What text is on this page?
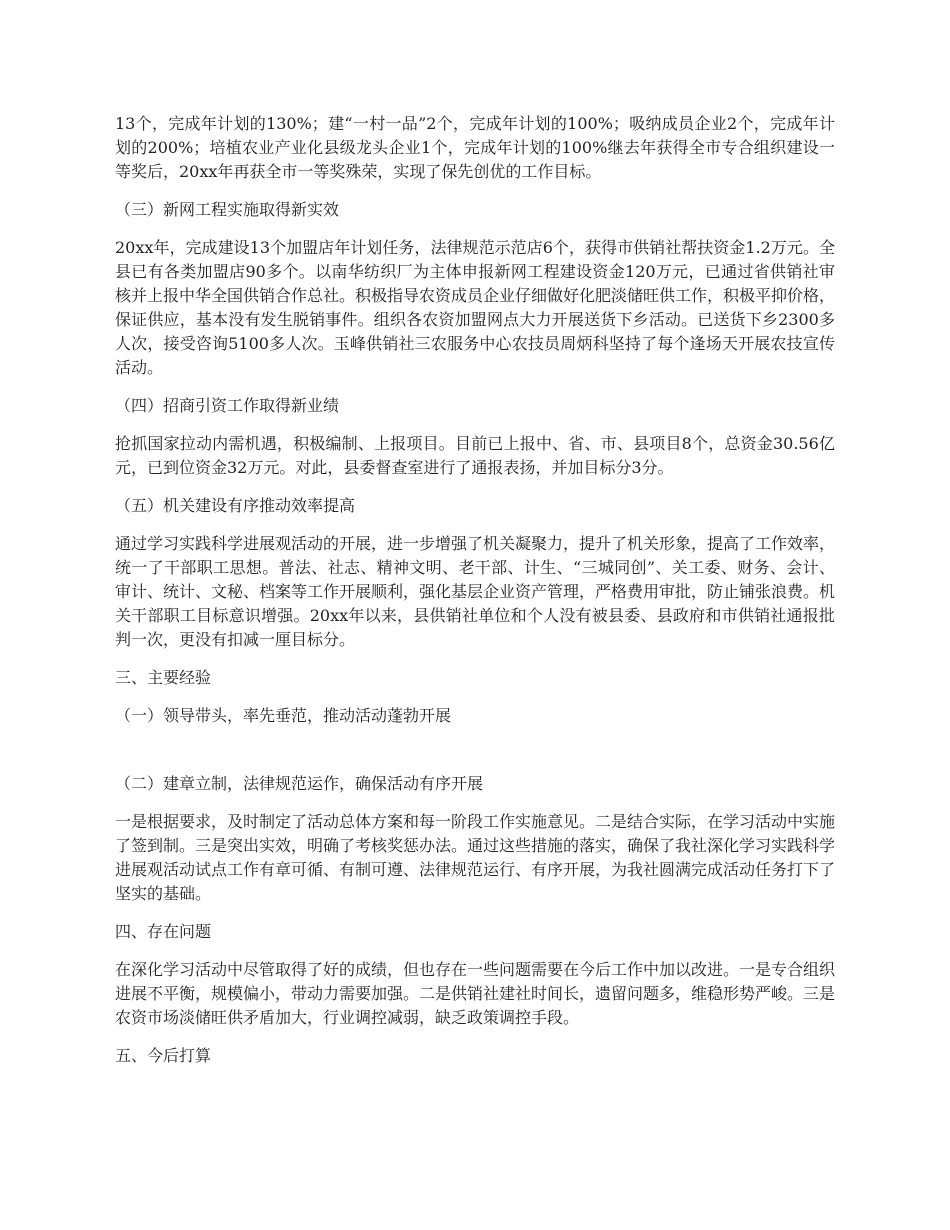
13个，完成年计划的130%；建“一村一品”2个，完成年计划的100%；吸纳成员企业2个，完成年计划的200%；培植农业产业化县级龙头企业1个，完成年计划的100%继去年获得全市专合组织建设一等奖后，20xx年再获全市一等奖殊荣，实现了保先创优的工作目标。

（三）新网工程实施取得新实效

20xx年，完成建设13个加盟店年计划任务，法律规范示范店6个，获得市供销社帮扶资金1.2万元。全县已有各类加盟店90多个。以南华纺织厂为主体申报新网工程建设资金120万元，已通过省供销社审核并上报中华全国供销合作总社。积极指导农资成员企业仔细做好化肥淡储旺供工作，积极平抑价格，保证供应，基本没有发生脱销事件。组织各农资加盟网点大力开展送货下乡活动。已送货下乡2300多人次，接受咨询5100多人次。玉峰供销社三农服务中心农技员周炳科坚持了每个逢场天开展农技宣传活动。

（四）招商引资工作取得新业绩

抢抓国家拉动内需机遇，积极编制、上报项目。目前已上报中、省、市、县项目8个，总资金30.56亿元，已到位资金32万元。对此，县委督查室进行了通报表扬，并加目标分3分。

（五）机关建设有序推动效率提高

通过学习实践科学进展观活动的开展，进一步增强了机关凝聚力，提升了机关形象，提高了工作效率，统一了干部职工思想。普法、社志、精神文明、老干部、计生、“三城同创”、关工委、财务、会计、审计、统计、文秘、档案等工作开展顺利，强化基层企业资产管理，严格费用审批，防止铺张浪费。机关干部职工目标意识增强。20xx年以来，县供销社单位和个人没有被县委、县政府和市供销社通报批判一次，更没有扣减一厘目标分。

三、主要经验

（一）领导带头，率先垂范，推动活动蓬勃开展

（二）建章立制，法律规范运作，确保活动有序开展

一是根据要求，及时制定了活动总体方案和每一阶段工作实施意见。二是结合实际，在学习活动中实施了签到制。三是突出实效，明确了考核奖惩办法。通过这些措施的落实，确保了我社深化学习实践科学进展观活动试点工作有章可循、有制可遵、法律规范运行、有序开展，为我社圆满完成活动任务打下了坚实的基础。

四、存在问题

在深化学习活动中尽管取得了好的成绩，但也存在一些问题需要在今后工作中加以改进。一是专合组织进展不平衡，规模偏小，带动力需要加强。二是供销社建社时间长，遗留问题多，维稳形势严峻。三是农资市场淡储旺供矛盾加大，行业调控减弱，缺乏政策调控手段。

五、今后打算
